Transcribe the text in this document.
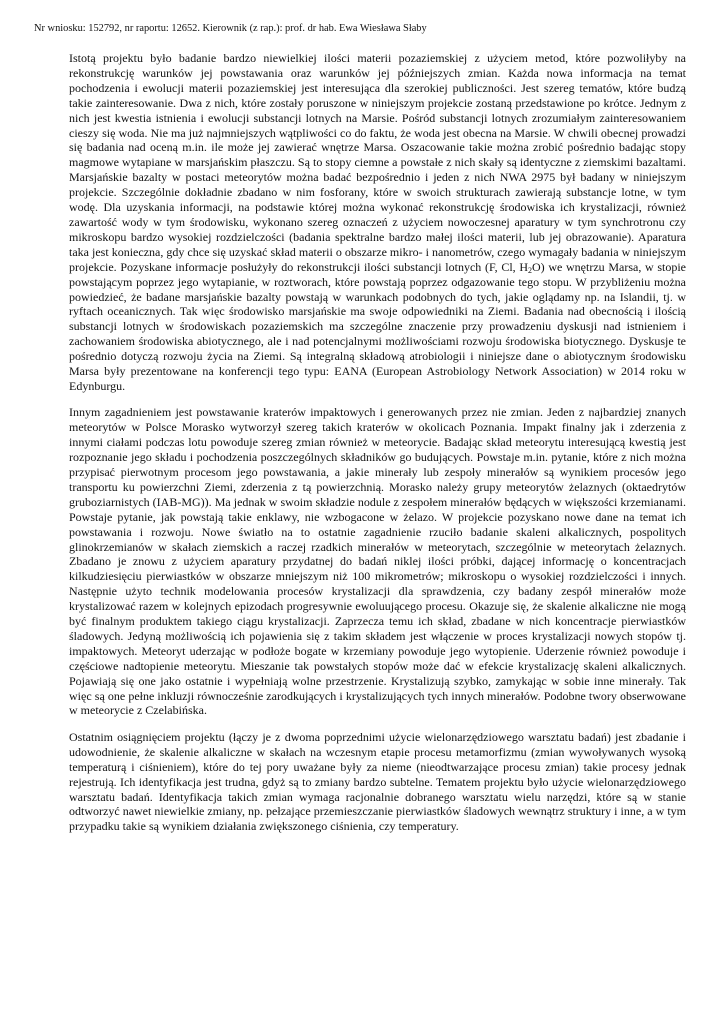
Nr wniosku: 152792, nr raportu: 12652. Kierownik (z rap.): prof. dr hab. Ewa Wiesława Słaby

Istotą projektu było badanie bardzo niewielkiej ilości materii pozaziemskiej z użyciem metod, które pozwoliłyby na rekonstrukcję warunków jej powstawania oraz warunków jej późniejszych zmian. Każda nowa informacja na temat pochodzenia i ewolucji materii pozaziemskiej jest interesująca dla szerokiej publiczności. Jest szereg tematów, które budzą takie zainteresowanie. Dwa z nich, które zostały poruszone w niniejszym projekcie zostaną przedstawione po krótce. Jednym z nich jest kwestia istnienia i ewolucji substancji lotnych na Marsie. Pośród substancji lotnych zrozumiałym zainteresowaniem cieszy się woda. Nie ma już najmniejszych wątpliwości co do faktu, że woda jest obecna na Marsie. W chwili obecnej prowadzi się badania nad oceną m.in. ile może jej zawierać wnętrze Marsa. Oszacowanie takie można zrobić pośrednio badając stopy magmowe wytapiane w marsjańskim płaszczu. Są to stopy ciemne a powstałe z nich skały są identyczne z ziemskimi bazaltami. Marsjańskie bazalty w postaci meteorytów można badać bezpośrednio i jeden z nich NWA 2975 był badany w niniejszym projekcie. Szczególnie dokładnie zbadano w nim fosforany, które w swoich strukturach zawierają substancje lotne, w tym wodę. Dla uzyskania informacji, na podstawie której można wykonać rekonstrukcję środowiska ich krystalizacji, również zawartość wody w tym środowisku, wykonano szereg oznaczeń z użyciem nowoczesnej aparatury w tym synchrotronu czy mikroskopu bardzo wysokiej rozdzielczości (badania spektralne bardzo małej ilości materii, lub jej obrazowanie). Aparatura taka jest konieczna, gdy chce się uzyskać skład materii o obszarze mikro- i nanometrów, czego wymagały badania w niniejszym projekcie. Pozyskane informacje posłużyły do rekonstrukcji ilości substancji lotnych (F, Cl, $H_2O$) we wnętrzu Marsa, w stopie powstającym poprzez jego wytapianie, w roztworach, które powstają poprzez odgazowanie tego stopu. W przybliżeniu można powiedzieć, że badane marsjańskie bazalty powstają w warunkach podobnych do tych, jakie oglądamy np. na Islandii, tj. w ryftach oceanicznych. Tak więc środowisko marsjańskie ma swoje odpowiedniki na Ziemi. Badania nad obecnością i ilością substancji lotnych w środowiskach pozaziemskich ma szczególne znaczenie przy prowadzeniu dyskusji nad istnieniem i zachowaniem środowiska abiotycznego, ale i nad potencjalnymi możliwościami rozwoju środowiska biotycznego. Dyskusje te pośrednio dotyczą rozwoju życia na Ziemi. Są integralną składową atrobiologii i niniejsze dane o abiotycznym środowisku Marsa były prezentowane na konferencji tego typu: EANA (European Astrobiology Network Association) w 2014 roku w Edynburgu.

Innym zagadnieniem jest powstawanie kraterów impaktowych i generowanych przez nie zmian. Jeden z najbardziej znanych meteorytów w Polsce Morasko wytworzył szereg takich kraterów w okolicach Poznania. Impakt finalny jak i zderzenia z innymi ciałami podczas lotu powoduje szereg zmian również w meteorycie. Badając skład meteorytu interesującą kwestią jest rozpoznanie jego składu i pochodzenia poszczególnych składników go budujących. Powstaje m.in. pytanie, które z nich można przypisać pierwotnym procesom jego powstawania, a jakie minerały lub zespoły minerałów są wynikiem procesów jego transportu ku powierzchni Ziemi, zderzenia z tą powierzchnią. Morasko należy grupy meteorytów żelaznych (oktaedrytów gruboziarnistych (IAB-MG)). Ma jednak w swoim składzie nodule z zespołem minerałów będących w większości krzemianami. Powstaje pytanie, jak powstają takie enklawy, nie wzbogacone w żelazo. W projekcie pozyskano nowe dane na temat ich powstawania i rozwoju. Nowe światło na to ostatnie zagadnienie rzuciło badanie skaleni alkalicznych, pospolitych glinokrzemianów w skałach ziemskich a raczej rzadkich minerałów w meteorytach, szczególnie w meteorytach żelaznych. Zbadano je znowu z użyciem aparatury przydatnej do badań niklej ilości próbki, dającej informację o koncentracjach kilkudziesięciu pierwiastków w obszarze mniejszym niż 100 mikrometrów; mikroskopu o wysokiej rozdzielczości i innych. Następnie użyto technik modelowania procesów krystalizacji dla sprawdzenia, czy badany zespół minerałów może krystalizować razem w kolejnych epizodach progresywnie ewoluującego procesu. Okazuje się, że skalenie alkaliczne nie mogą być finalnym produktem takiego ciągu krystalizacji. Zaprzecza temu ich skład, zbadane w nich koncentracje pierwiastków śladowych. Jedyną możliwością ich pojawienia się z takim składem jest włączenie w proces krystalizacji nowych stopów tj. impaktowych. Meteoryt uderzając w podłoże bogate w krzemiany powoduje jego wytopienie. Uderzenie również powoduje i częściowe nadtopienie meteorytu. Mieszanie tak powstałych stopów może dać w efekcie krystalizację skaleni alkalicznych. Pojawiają się one jako ostatnie i wypełniają wolne przestrzenie. Krystalizują szybko, zamykając w sobie inne minerały. Tak więc są one pełne inkluzji równocześnie zarodkujących i krystalizujących tych innych minerałów. Podobne twory obserwowane w meteorycie z Czelabińska.

Ostatnim osiągnięciem projektu (łączy je z dwoma poprzednimi użycie wielonarzędziowego warsztatu badań) jest zbadanie i udowodnienie, że skalenie alkaliczne w skałach na wczesnym etapie procesu metamorfizmu (zmian wywoływanych wysoką temperaturą i ciśnieniem), które do tej pory uważane były za nieme (nieodtwarzające procesu zmian) takie procesy jednak rejestrują. Ich identyfikacja jest trudna, gdyż są to zmiany bardzo subtelne. Tematem projektu było użycie wielonarzędziowego warsztatu badań. Identyfikacja takich zmian wymaga racjonalnie dobranego warsztatu wielu narzędzi, które są w stanie odtworzyć nawet niewielkie zmiany, np. pełzające przemieszczanie pierwiastków śladowych wewnątrz struktury i inne, a w tym przypadku takie są wynikiem działania zwiększonego ciśnienia, czy temperatury.
